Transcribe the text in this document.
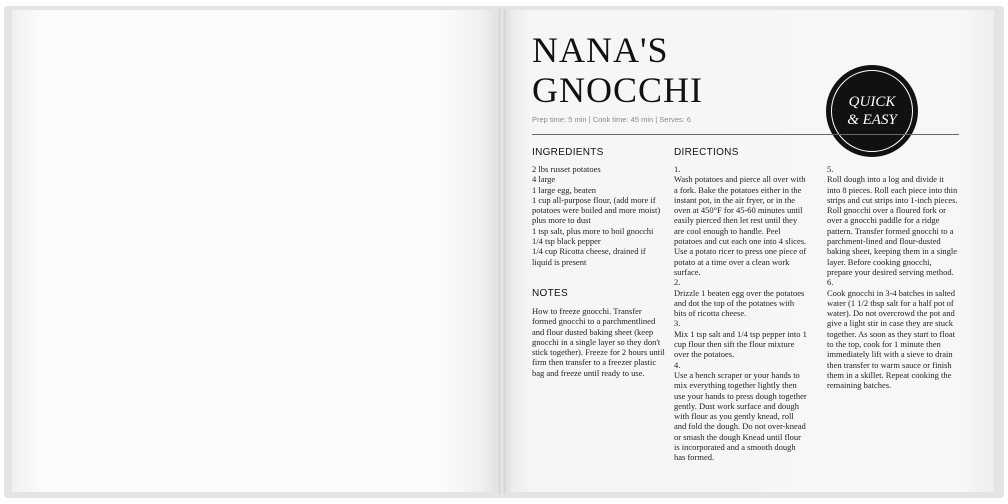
NANA'S
GNOCCHI
Prep time: 5 min | Cook time: 45 min | Serves: 6
QUICK
& EASY
INGREDIENTS

2 lbs russet potatoes

4 large

1 large egg, beaten

1 cup all-purpose flour, (add more if potatoes were boiled and more moist) plus more to dust

1 tsp salt, plus more to boil gnocchi

1/4 tsp black pepper

1/4 cup Ricotta cheese, drained if liquid is present

NOTES

How to freeze gnocchi. Transfer formed gnocchi to a parchmentlined and flour dusted baking sheet (keep gnocchi in a single layer so they don't stick together). Freeze for 2 hours until firm then transfer to a freezer plastic bag and freeze until ready to use.

DIRECTIONS

1.

Wash potatoes and pierce all over with a fork. Bake the potatoes either in the instant pot, in the air fryer, or in the oven at 450°F for 45-60 minutes until easily pierced then let rest until they are cool enough to handle. Peel potatoes and cut each one into 4 slices. Use a potato ricer to press one piece of potato at a time over a clean work surface.

2.

Drizzle 1 beaten egg over the potatoes and dot the top of the potatoes with bits of ricotta cheese.

3.

Mix 1 tsp salt and 1/4 tsp pepper into 1 cup flour then sift the flour mixture over the potatoes.

4.

Use a bench scraper or your hands to mix everything together lightly then use your hands to press dough together gently. Dust work surface and dough with flour as you gently knead, roll and fold the dough. Do not over-knead or smash the dough Knead until flour is incorporated and a smooth dough has formed.

5.

Roll dough into a log and divide it into 8 pieces. Roll each piece into thin strips and cut strips into 1-inch pieces. Roll gnocchi over a floured fork or over a gnocchi paddle for a ridge pattern. Transfer formed gnocchi to a parchment-lined and flour-dusted baking sheet, keeping them in a single layer. Before cooking gnocchi, prepare your desired serving method.

6.

Cook gnocchi in 3-4 batches in salted water (1 1/2 tbsp salt for a half pot of water). Do not overcrowd the pot and give a light stir in case they are stuck together. As soon as they start to float to the top, cook for 1 minute then immediately lift with a sieve to drain then transfer to warm sauce or finish them in a skillet. Repeat cooking the remaining batches.
